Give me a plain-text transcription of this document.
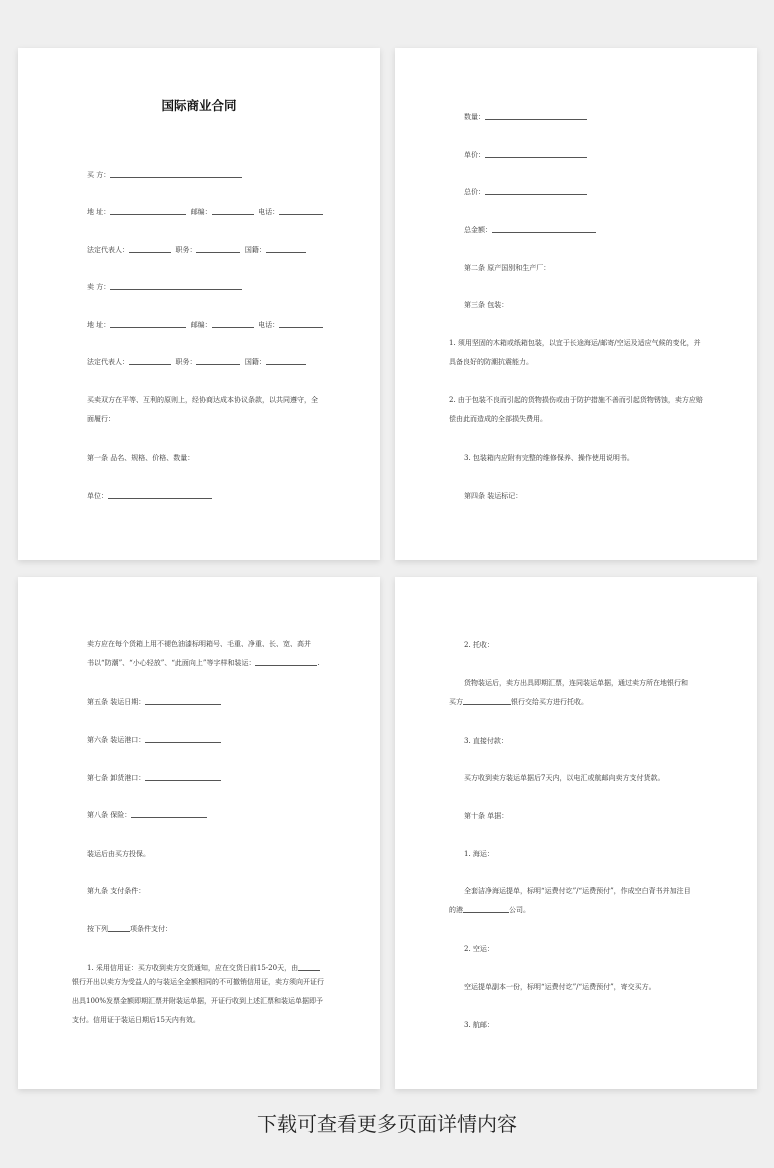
国际商业合同
买 方：
地 址：	邮编：	电话：
法定代表人：	职务：	国籍：
卖 方：
地 址：	邮编：	电话：
法定代表人：	职务：	国籍：
买卖双方在平等、互利的原则上，经协商达成本协议条款，以共同遵守，全面履行：
第一条 品名、规格、价格、数量：
单位：
数量：
单价：
总价：
总金额：
第二条 原产国别和生产厂：
第三条 包装：
1. 须用坚固的木箱或纸箱包装，以宜于长途海运/邮寄/空运及适应气候的变化，并具备良好的防潮抗震能力。
2. 由于包装不良而引起的货物损伤或由于防护措施不善而引起货物锈蚀，卖方应赔偿由此而造成的全部损失费用。
3. 包装箱内应附有完整的维修保养、操作使用说明书。
第四条 装运标记：
卖方应在每个货箱上用不褪色油漆标明箱号、毛重、净重、长、宽、高并
书以“防潮”、“小心轻放”、“此面向上”等字样和装运：	.
第五条 装运日期：
第六条 装运港口：
第七条 卸货港口：
第八条 保险：
装运后由买方投保。
第九条 支付条件：
按下列	项条件支付：
1. 采用信用证：买方收到卖方交货通知，应在交货日前15-20天，由
银行开出以卖方为受益人的与装运全金额相同的不可撤销信用证，卖方须向开证行出具100%发票金额即期汇票并附装运单据，开证行收到上述汇票和装运单据即予支付。信用证于装运日期后15天内有效。
2. 托收：
货物装运后，卖方出具即期汇票，连同装运单据，通过卖方所在地银行和
买方	银行交给买方进行托收。
3. 直接付款：
买方收到卖方装运单据后7天内，以电汇或航邮向卖方支付货款。
第十条 单据：
1. 海运：
全套洁净海运提单，标明“运费付讫”/“运费预付”，作成空白背书并加注目
的港	公司。
2. 空运：
空运提单副本一份，标明“运费付讫”/“运费预付”，寄交买方。
3. 航邮：
下载可查看更多页面详情内容
